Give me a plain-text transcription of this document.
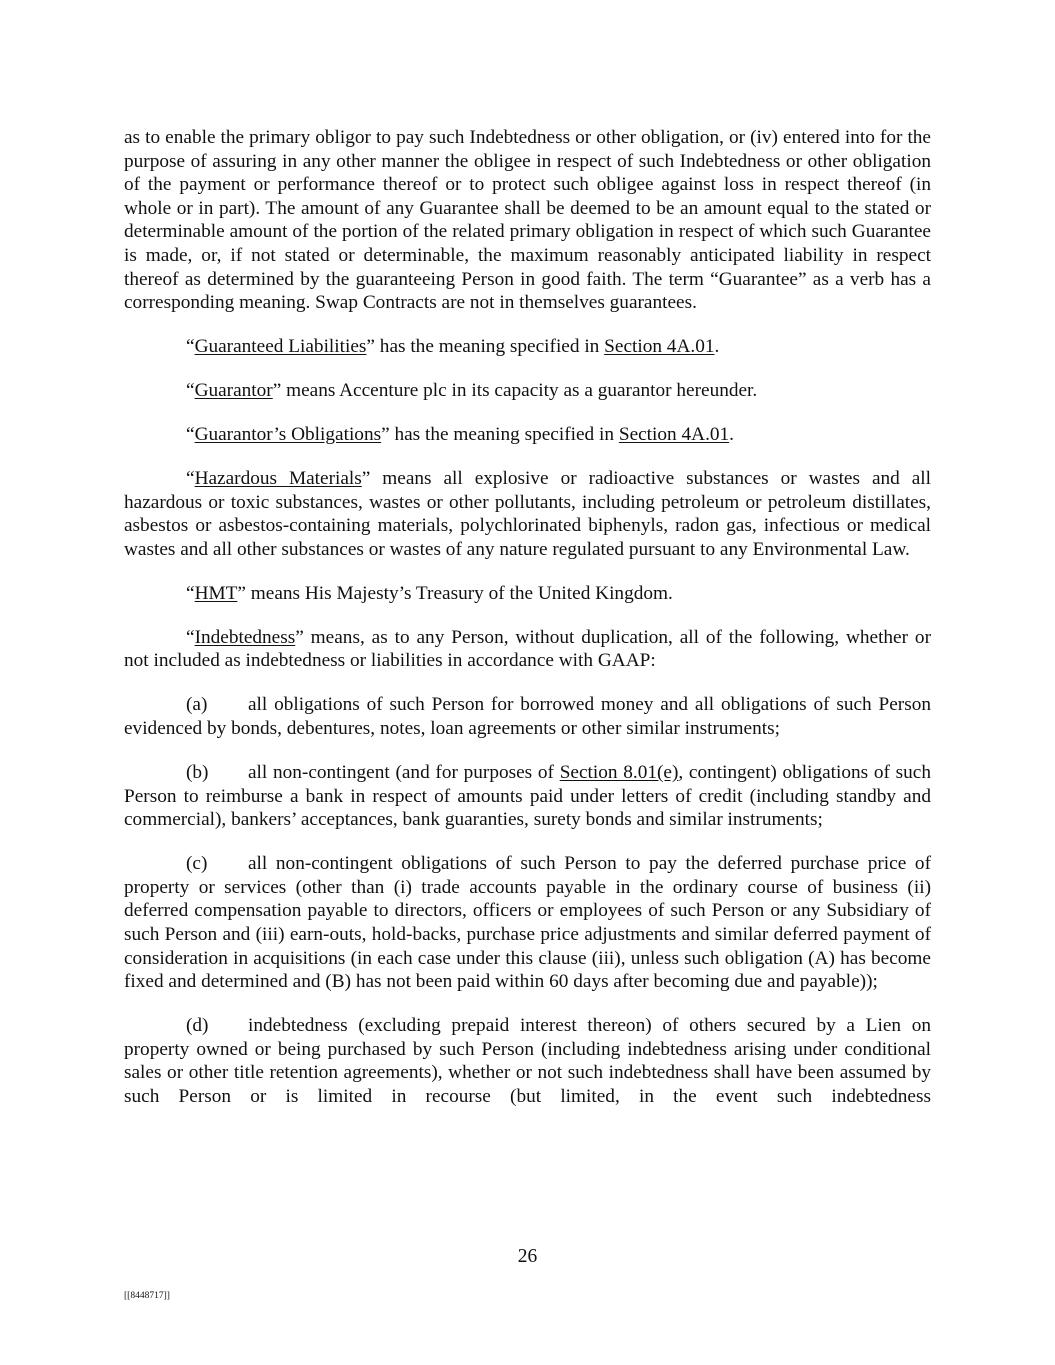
as to enable the primary obligor to pay such Indebtedness or other obligation, or (iv) entered into for the purpose of assuring in any other manner the obligee in respect of such Indebtedness or other obligation of the payment or performance thereof or to protect such obligee against loss in respect thereof (in whole or in part). The amount of any Guarantee shall be deemed to be an amount equal to the stated or determinable amount of the portion of the related primary obligation in respect of which such Guarantee is made, or, if not stated or determinable, the maximum reasonably anticipated liability in respect thereof as determined by the guaranteeing Person in good faith. The term “Guarantee” as a verb has a corresponding meaning. Swap Contracts are not in themselves guarantees.

“Guaranteed Liabilities” has the meaning specified in Section 4A.01.

“Guarantor” means Accenture plc in its capacity as a guarantor hereunder.

“Guarantor’s Obligations” has the meaning specified in Section 4A.01.

“Hazardous Materials” means all explosive or radioactive substances or wastes and all hazardous or toxic substances, wastes or other pollutants, including petroleum or petroleum distillates, asbestos or asbestos-containing materials, polychlorinated biphenyls, radon gas, infectious or medical wastes and all other substances or wastes of any nature regulated pursuant to any Environmental Law.

“HMT” means His Majesty’s Treasury of the United Kingdom.

“Indebtedness” means, as to any Person, without duplication, all of the following, whether or not included as indebtedness or liabilities in accordance with GAAP:

(a) all obligations of such Person for borrowed money and all obligations of such Person evidenced by bonds, debentures, notes, loan agreements or other similar instruments;

(b) all non-contingent (and for purposes of Section 8.01(e), contingent) obligations of such Person to reimburse a bank in respect of amounts paid under letters of credit (including standby and commercial), bankers’ acceptances, bank guaranties, surety bonds and similar instruments;

(c) all non-contingent obligations of such Person to pay the deferred purchase price of property or services (other than (i) trade accounts payable in the ordinary course of business (ii) deferred compensation payable to directors, officers or employees of such Person or any Subsidiary of such Person and (iii) earn-outs, hold-backs, purchase price adjustments and similar deferred payment of consideration in acquisitions (in each case under this clause (iii), unless such obligation (A) has become fixed and determined and (B) has not been paid within 60 days after becoming due and payable));

(d) indebtedness (excluding prepaid interest thereon) of others secured by a Lien on property owned or being purchased by such Person (including indebtedness arising under conditional sales or other title retention agreements), whether or not such indebtedness shall have been assumed by such Person or is limited in recourse (but limited, in the event such indebtedness

26
[[8448717]]
